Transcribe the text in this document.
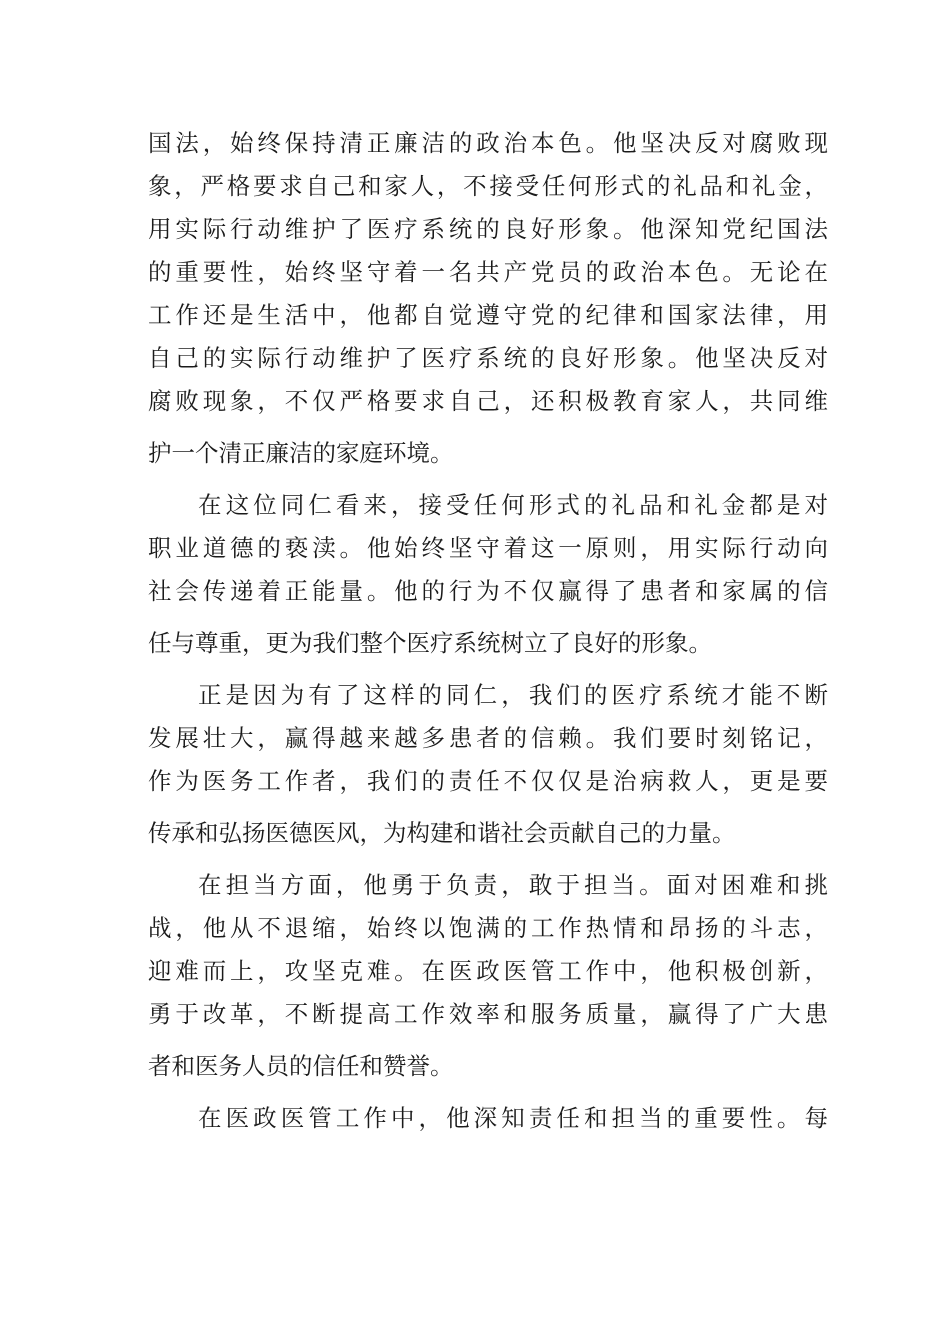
国法，始终保持清正廉洁的政治本色。他坚决反对腐败现
象，严格要求自己和家人，不接受任何形式的礼品和礼金，
用实际行动维护了医疗系统的良好形象。他深知党纪国法
的重要性，始终坚守着一名共产党员的政治本色。无论在
工作还是生活中，他都自觉遵守党的纪律和国家法律，用
自己的实际行动维护了医疗系统的良好形象。他坚决反对
腐败现象，不仅严格要求自己，还积极教育家人，共同维
护一个清正廉洁的家庭环境。
在这位同仁看来，接受任何形式的礼品和礼金都是对
职业道德的亵渎。他始终坚守着这一原则，用实际行动向
社会传递着正能量。他的行为不仅赢得了患者和家属的信
任与尊重，更为我们整个医疗系统树立了良好的形象。
正是因为有了这样的同仁，我们的医疗系统才能不断
发展壮大，赢得越来越多患者的信赖。我们要时刻铭记，
作为医务工作者，我们的责任不仅仅是治病救人，更是要
传承和弘扬医德医风，为构建和谐社会贡献自己的力量。
在担当方面，他勇于负责，敢于担当。面对困难和挑
战，他从不退缩，始终以饱满的工作热情和昂扬的斗志，
迎难而上，攻坚克难。在医政医管工作中，他积极创新，
勇于改革，不断提高工作效率和服务质量，赢得了广大患
者和医务人员的信任和赞誉。
在医政医管工作中，他深知责任和担当的重要性。每
